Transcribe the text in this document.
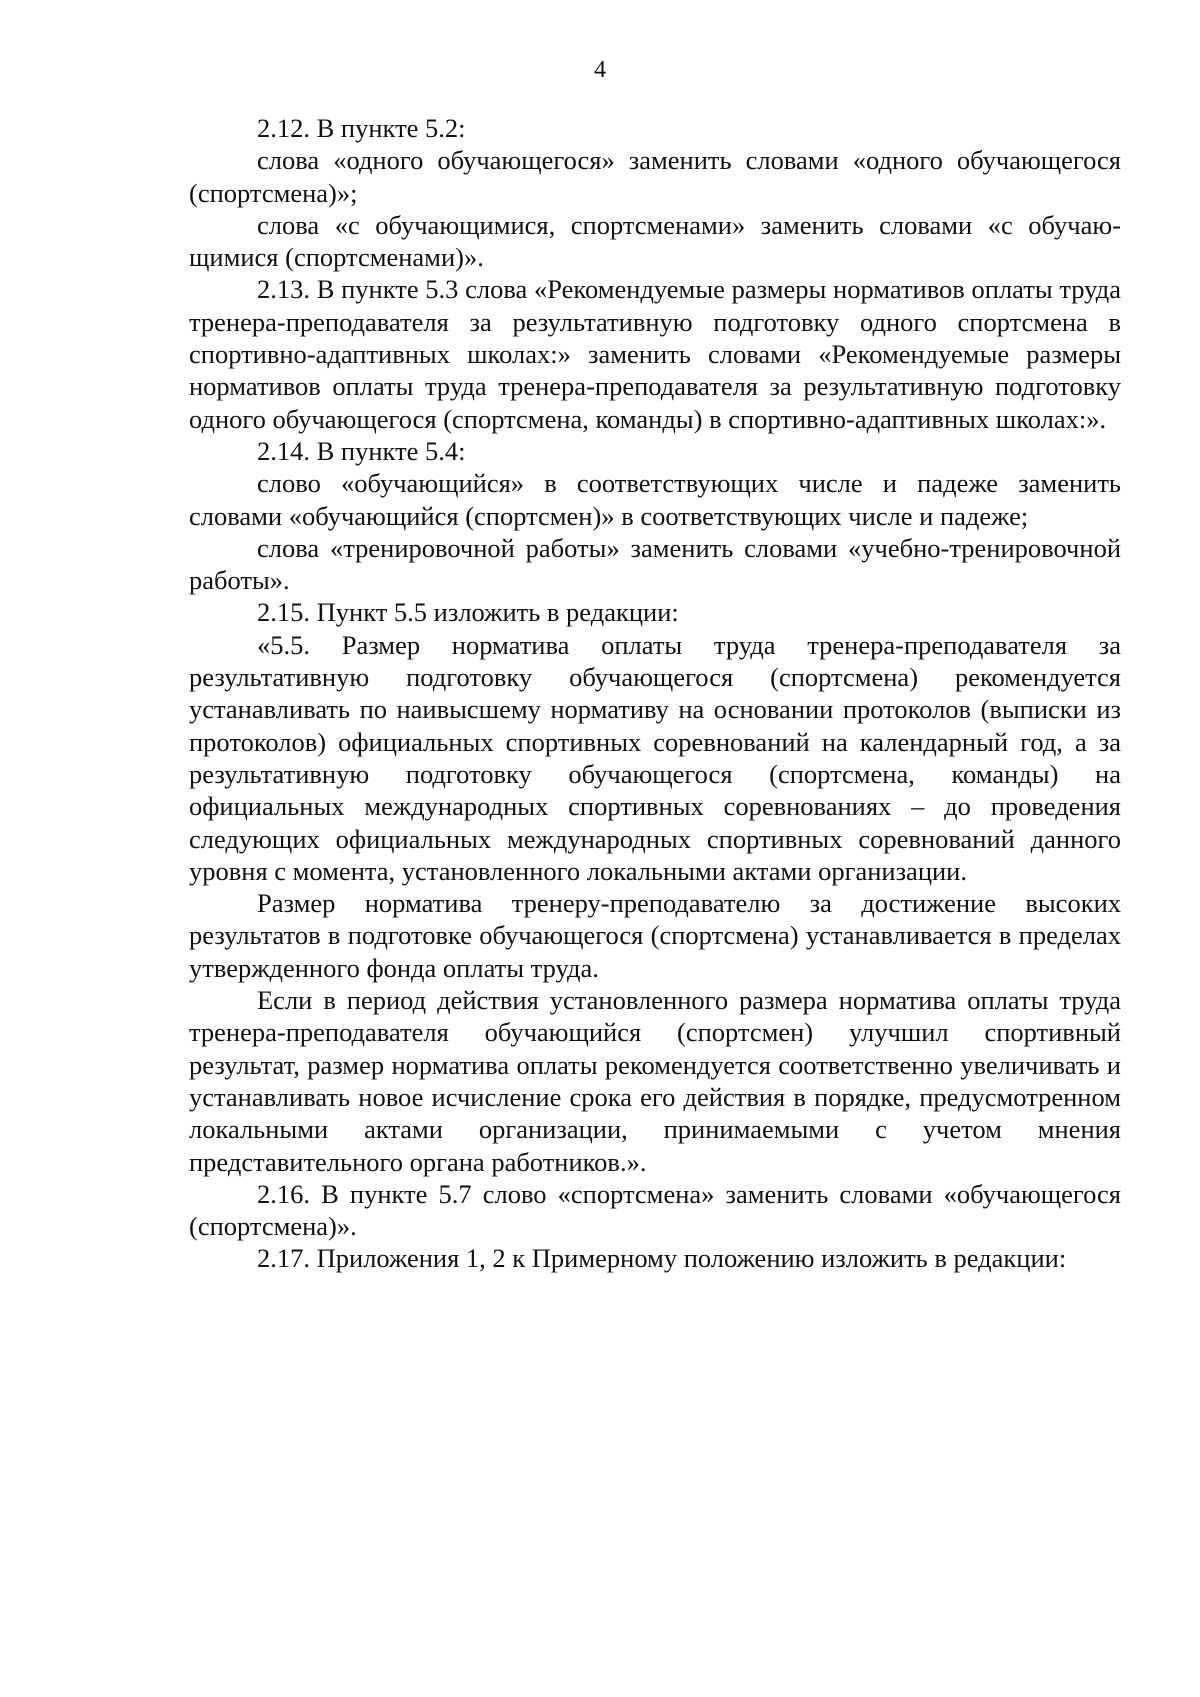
4

2.12. В пункте 5.2:

слова «одного обучающегося» заменить словами «одного обучающегося (спортсмена)»;

слова «с обучающимися, спортсменами» заменить словами «с обучающимися (спортсменами)».

2.13. В пункте 5.3 слова «Рекомендуемые размеры нормативов оплаты труда тренера-преподавателя за результативную подготовку одного спортсмена в спортивно-адаптивных школах:» заменить словами «Рекомендуемые размеры нормативов оплаты труда тренера-преподавателя за результативную подготовку одного обучающегося (спортсмена, команды) в спортивно-адаптивных школах:».

2.14. В пункте 5.4:

слово «обучающийся» в соответствующих числе и падеже заменить словами «обучающийся (спортсмен)» в соответствующих числе и падеже;

слова «тренировочной работы» заменить словами «учебно-тренировочной работы».

2.15. Пункт 5.5 изложить в редакции:

«5.5. Размер норматива оплаты труда тренера-преподавателя за результативную подготовку обучающегося (спортсмена) рекомендуется устанавливать по наивысшему нормативу на основании протоколов (выписки из протоколов) официальных спортивных соревнований на календарный год, а за результативную подготовку обучающегося (спортсмена, команды) на официальных международных спортивных соревнованиях – до проведения следующих официальных международных спортивных соревнований данного уровня с момента, установленного локальными актами организации.

Размер норматива тренеру-преподавателю за достижение высоких результатов в подготовке обучающегося (спортсмена) устанавливается в пределах утвержденного фонда оплаты труда.

Если в период действия установленного размера норматива оплаты труда тренера-преподавателя обучающийся (спортсмен) улучшил спортивный результат, размер норматива оплаты рекомендуется соответственно увеличивать и устанавливать новое исчисление срока его действия в порядке, предусмотренном локальными актами организации, принимаемыми с учетом мнения представительного органа работников.».

2.16. В пункте 5.7 слово «спортсмена» заменить словами «обучающегося (спортсмена)».

2.17. Приложения 1, 2 к Примерному положению изложить в редакции:
